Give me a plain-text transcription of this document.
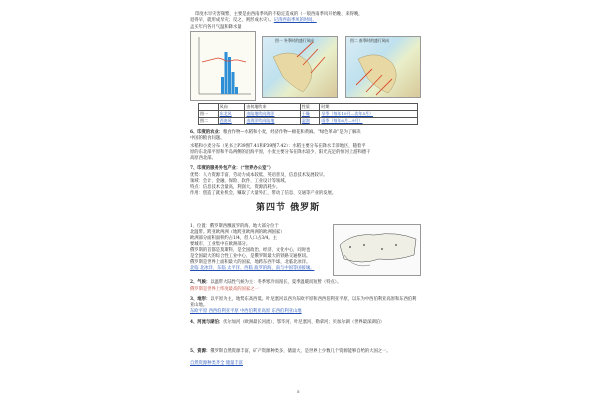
印度水旱灾害频繁，主要是由西南季风的不稳定造成的（一般西南季风开始晚、来得晚，
退得早，就形成旱灾；反之，则形成水灾）。记清西南季风的时间。
孟买年内各月气温和降水量
图一 冬季时的盛行风向	图二 南季时的盛行风向
	风向	由何地吹来	性质	时期
图一	东北风	由陆地吹向海洋	干燥	旱季（每年10月—次年5月）
图二	西南风	由海洋吹向陆地	湿润	雨季（每年6月—9月）
6、印度的农业：粮食作物—水稻和小麦，经济作物—棉花和黄麻。“绿色革命”是为了解决
中国的粮食问题。
水稻和小麦分布（见书上P39图7.41和P39图7.42）：水稻主要分布在降水丰沛地区，随着平
原的东北部平原和半岛两侧的沿海平原，小麦主要分布在降水较少、阳光充足的恒河上游和德干
高原西北部。
7、印度的服务外包产业：（“世界办公室”）
优势：人力资源丰富、劳动力成本较低、英语普及、信息技术发展较早。
领域：会计、金融、保险、软件、工业设计等领域。
特点：信息技术含量高，利润大，资源消耗少。
作用：创造了就业机会，赚取了大量外汇，带动了信息、交通等产业的发展。
第四节 俄罗斯
1、位置：俄罗斯西濒波罗的海，地大部分位于
北温带。跨亚欧两洲（地跨亚欧两洲的欧洲国家）
欧洲部分面积面积约占1/4，但人口占3/4。主
要城市、工业集中在欧洲部分。
俄罗斯的首都是莫斯科，是全国政治、经济、文化中心，同时也
是全国最大的综合性工业中心，是俄罗斯最大的铁路交通枢纽。
俄罗斯是世界上面积最大的国家，地跨东西半球，北临北冰洋。
北临 北冰洋、东临 太平洋、西临 波罗的海，南与中国等国接壤。
2、气候：以温带大陆性气候为主：冬季寒冷而漫长，夏季温暖而短暂（特点）。
俄罗斯是世界上纬度最高的国家之一
3、地形：以平原为主，地势东高西低。叶尼塞河以西为东欧平原和西西伯利亚平原，以东为中西伯利亚高原和东西伯利亚山地。
东欧平原 西西伯利亚平原 中西伯利亚高原 东西伯利亚山地
4、河流与湖泊：伏尔加河（欧洲最长河流）、鄂毕河、叶尼塞河、勒拿河；贝加尔湖（世界最深湖泊）
5、资源：俄罗斯自然资源丰富，矿产资源种类多，储量大，是世界上少数几个资源能够自给的大国之一。
自然资源种类齐全 储量丰富
5
